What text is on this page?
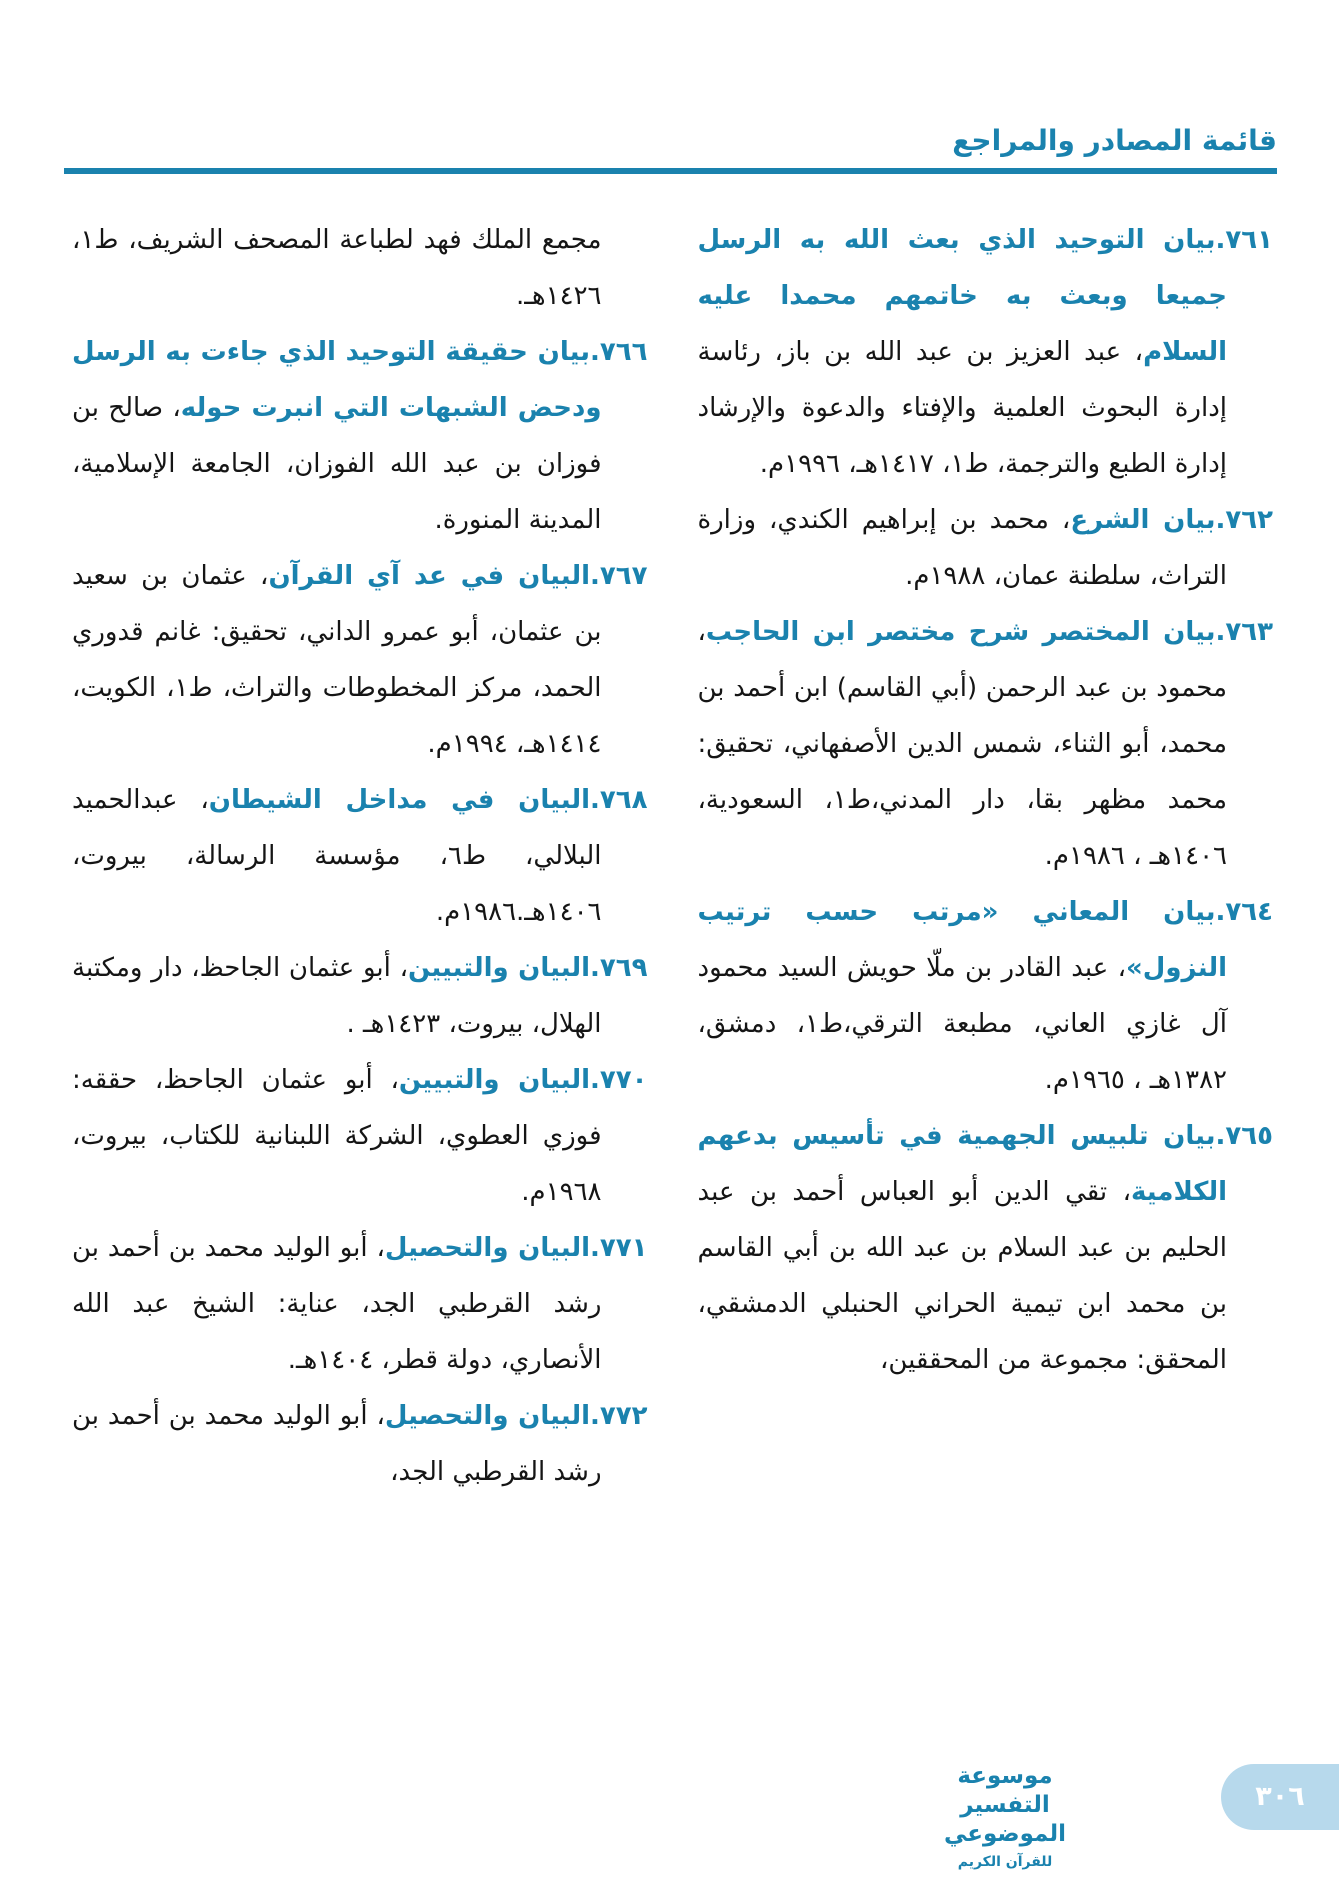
قائمة المصادر والمراجع

٧٦١.بيان التوحيد الذي بعث الله به الرسل جميعا وبعث به خاتمهم محمدا عليه السلام، عبد العزيز بن عبد الله بن باز، رئاسة إدارة البحوث العلمية والإفتاء والدعوة والإرشاد إدارة الطبع والترجمة، ط١، ١٤١٧هـ، ١٩٩٦م.

٧٦٢.بيان الشرع، محمد بن إبراهيم الكندي، وزارة التراث، سلطنة عمان، ١٩٨٨م.

٧٦٣.بيان المختصر شرح مختصر ابن الحاجب، محمود بن عبد الرحمن (أبي القاسم) ابن أحمد بن محمد، أبو الثناء، شمس الدين الأصفهاني، تحقيق: محمد مظهر بقا، دار المدني،ط١، السعودية، ١٤٠٦هـ ، ١٩٨٦م.

٧٦٤.بيان المعاني «مرتب حسب ترتيب النزول»، عبد القادر بن ملّا حويش السيد محمود آل غازي العاني، مطبعة الترقي،ط١، دمشق، ١٣٨٢هـ ، ١٩٦٥م.

٧٦٥.بيان تلبيس الجهمية في تأسيس بدعهم الكلامية، تقي الدين أبو العباس أحمد بن عبد الحليم بن عبد السلام بن عبد الله بن أبي القاسم بن محمد ابن تيمية الحراني الحنبلي الدمشقي، المحقق: مجموعة من المحققين،

مجمع الملك فهد لطباعة المصحف الشريف، ط١، ١٤٢٦هـ.

٧٦٦.بيان حقيقة التوحيد الذي جاءت به الرسل ودحض الشبهات التي انبرت حوله، صالح بن فوزان بن عبد الله الفوزان، الجامعة الإسلامية، المدينة المنورة.

٧٦٧.البيان في عد آي القرآن، عثمان بن سعيد بن عثمان، أبو عمرو الداني، تحقيق: غانم قدوري الحمد، مركز المخطوطات والتراث، ط١، الكويت، ١٤١٤هـ، ١٩٩٤م.

٧٦٨.البيان في مداخل الشيطان، عبدالحميد البلالي، ط٦، مؤسسة الرسالة، بيروت، ١٤٠٦هـ.١٩٨٦م.

٧٦٩.البيان والتبيين، أبو عثمان الجاحظ، دار ومكتبة الهلال، بيروت، ١٤٢٣هـ .

٧٧٠.البيان والتبيين، أبو عثمان الجاحظ، حققه: فوزي العطوي، الشركة اللبنانية للكتاب، بيروت، ١٩٦٨م.

٧٧١.البيان والتحصيل، أبو الوليد محمد بن أحمد بن رشد القرطبي الجد، عناية: الشيخ عبد الله الأنصاري، دولة قطر، ١٤٠٤هـ.

٧٧٢.البيان والتحصيل، أبو الوليد محمد بن أحمد بن رشد القرطبي الجد،

موسوعة التفسير الموضوعي
للقرآن الكريم
٣٠٦
